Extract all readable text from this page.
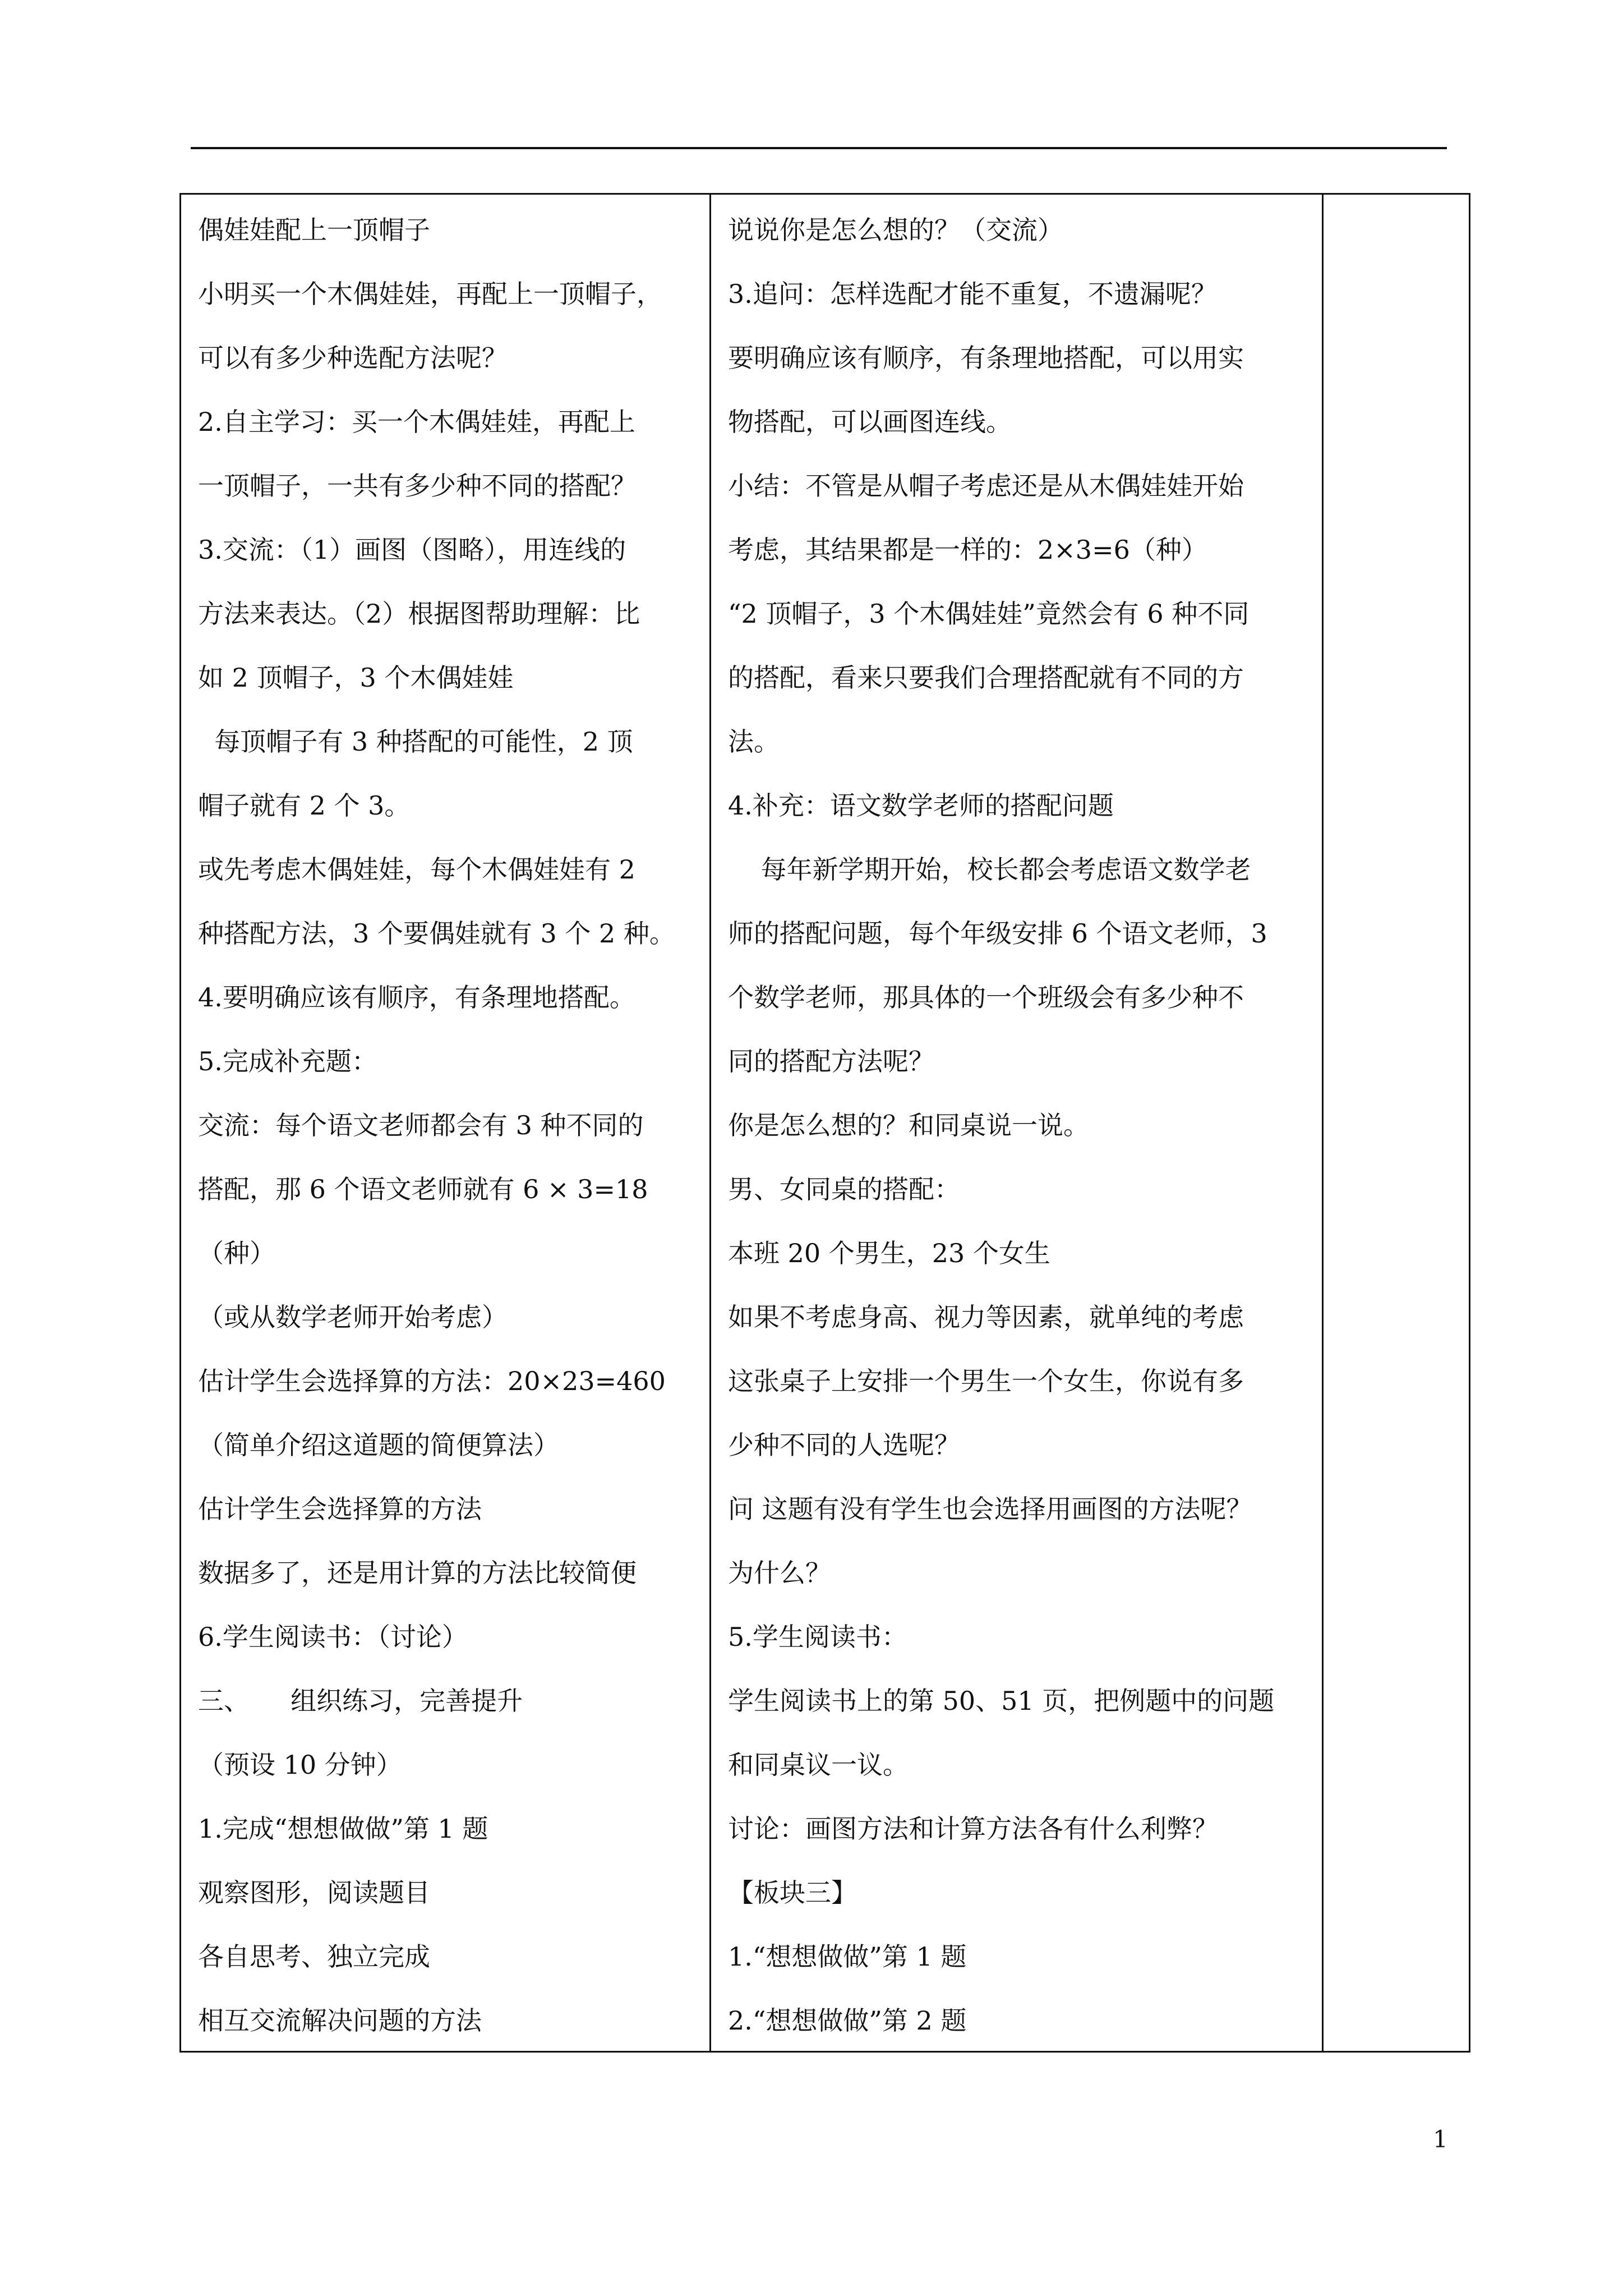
偶娃娃配上一顶帽子
小明买一个木偶娃娃，再配上一顶帽子，
可以有多少种选配方法呢？
2.自主学习：买一个木偶娃娃，再配上
一顶帽子，一共有多少种不同的搭配？
3.交流：（1）画图（图略），用连线的
方法来表达。（2）根据图帮助理解：比
如 2 顶帽子，3 个木偶娃娃
每顶帽子有 3 种搭配的可能性，2 顶
帽子就有 2 个 3。
或先考虑木偶娃娃，每个木偶娃娃有 2
种搭配方法，3 个要偶娃就有 3 个 2 种。
4.要明确应该有顺序，有条理地搭配。
5.完成补充题：
交流：每个语文老师都会有 3 种不同的
搭配，那 6 个语文老师就有 6 × 3=18
（种）
（或从数学老师开始考虑）
估计学生会选择算的方法：20×23=460
（简单介绍这道题的简便算法）
估计学生会选择算的方法
数据多了，还是用计算的方法比较简便
6.学生阅读书：（讨论）
三、     组织练习，完善提升
（预设 10 分钟）
1.完成“想想做做”第 1 题
观察图形，阅读题目
各自思考、独立完成
相互交流解决问题的方法
说说你是怎么想的？（交流）
3.追问：怎样选配才能不重复，不遗漏呢？
要明确应该有顺序，有条理地搭配，可以用实
物搭配，可以画图连线。
小结：不管是从帽子考虑还是从木偶娃娃开始
考虑，其结果都是一样的：2×3=6（种）
“2 顶帽子，3 个木偶娃娃”竟然会有 6 种不同
的搭配，看来只要我们合理搭配就有不同的方
法。
4.补充：语文数学老师的搭配问题
每年新学期开始，校长都会考虑语文数学老
师的搭配问题，每个年级安排 6 个语文老师，3
个数学老师，那具体的一个班级会有多少种不
同的搭配方法呢？
你是怎么想的？和同桌说一说。
男、女同桌的搭配：
本班 20 个男生，23 个女生
如果不考虑身高、视力等因素，就单纯的考虑
这张桌子上安排一个男生一个女生，你说有多
少种不同的人选呢？
问 这题有没有学生也会选择用画图的方法呢？
为什么？
5.学生阅读书：
学生阅读书上的第 50、51 页，把例题中的问题
和同桌议一议。
讨论：画图方法和计算方法各有什么利弊？
【板块三】
1.“想想做做”第 1 题
2.“想想做做”第 2 题
1
